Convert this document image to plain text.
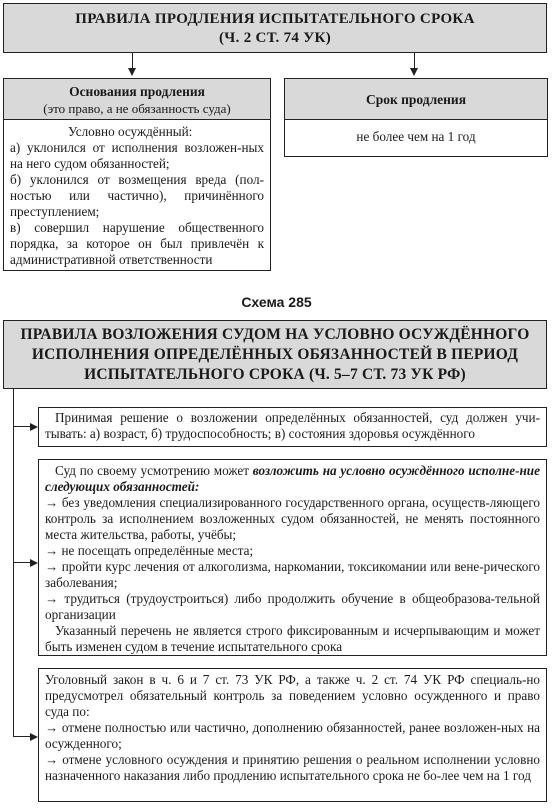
ПРАВИЛА ПРОДЛЕНИЯ ИСПЫТАТЕЛЬНОГО СРОКА
(Ч. 2 СТ. 74 УК)
Основания продления
(это право, а не обязанность суда)
Условно осуждённый:
а) уклонился от исполнения возложен-ных на него судом обязанностей;
б) уклонился от возмещения вреда (пол-ностью или частично), причинённого преступлением;
в) совершил нарушение общественного порядка, за которое он был привлечён к административной ответственности
Срок продления
не более чем на 1 год
Схема 285
ПРАВИЛА ВОЗЛОЖЕНИЯ СУДОМ НА УСЛОВНО ОСУЖДЁННОГО
ИСПОЛНЕНИЯ ОПРЕДЕЛЁННЫХ ОБЯЗАННОСТЕЙ В ПЕРИОД
ИСПЫТАТЕЛЬНОГО СРОКА (Ч. 5–7 СТ. 73 УК РФ)
Принимая решение о возложении определённых обязанностей, суд должен учи-тывать: а) возраст, б) трудоспособность; в) состояния здоровья осуждённого
Суд по своему усмотрению может возложить на условно осуждённого исполне-ние следующих обязанностей:
→ без уведомления специализированного государственного органа, осуществ-ляющего контроль за исполнением возложенных судом обязанностей, не менять постоянного места жительства, работы, учёбы;
→ не посещать определённые места;
→ пройти курс лечения от алкоголизма, наркомании, токсикомании или вене-рического заболевания;
→ трудиться (трудоустроиться) либо продолжить обучение в общеобразова-тельной организации
Указанный перечень не является строго фиксированным и исчерпывающим и может быть изменен судом в течение испытательного срока
Уголовный закон в ч. 6 и 7 ст. 73 УК РФ, а также ч. 2 ст. 74 УК РФ специаль-но предусмотрел обязательный контроль за поведением условно осужденного и право суда по:
→ отмене полностью или частично, дополнению обязанностей, ранее возложен-ных на осужденного;
→ отмене условного осуждения и принятию решения о реальном исполнении условно назначенного наказания либо продлению испытательного срока не бо-лее чем на 1 год
